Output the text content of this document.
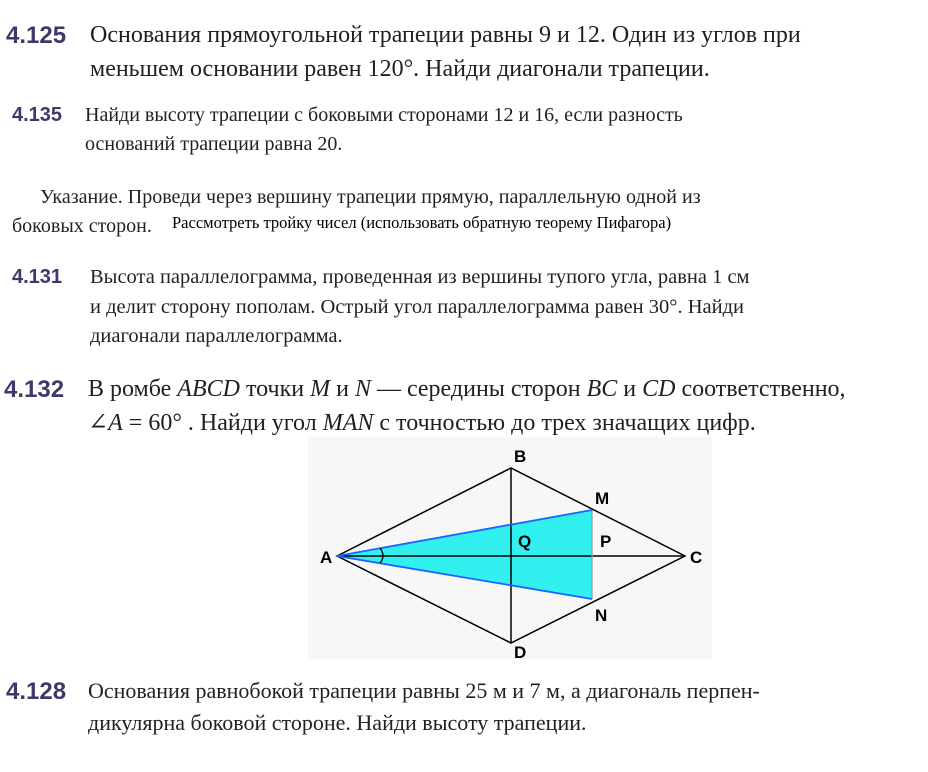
4.125 Основания прямоугольной трапеции равны 9 и 12. Один из углов при
меньшем основании равен 120°. Найди диагонали трапеции.
4.135 Найди высоту трапеции с боковыми сторонами 12 и 16, если разность
оснований трапеции равна 20.
Указание. Проведи через вершину трапеции прямую, параллельную одной из
боковых сторон. Рассмотреть тройку чисел (использовать обратную теорему Пифагора)
4.131 Высота параллелограмма, проведенная из вершины тупого угла, равна 1 см
и делит сторону пополам. Острый угол параллелограмма равен 30°. Найди
диагонали параллелограмма.
4.132 В ромбе ABCD точки M и N — середины сторон BC и CD соответственно,
∠A = 60° . Найди угол MAN с точностью до трех значащих цифр.
A
B
C
D
M
N
P
Q
4.128 Основания равнобокой трапеции равны 25 м и 7 м, а диагональ перпен-
дикулярна боковой стороне. Найди высоту трапеции.
